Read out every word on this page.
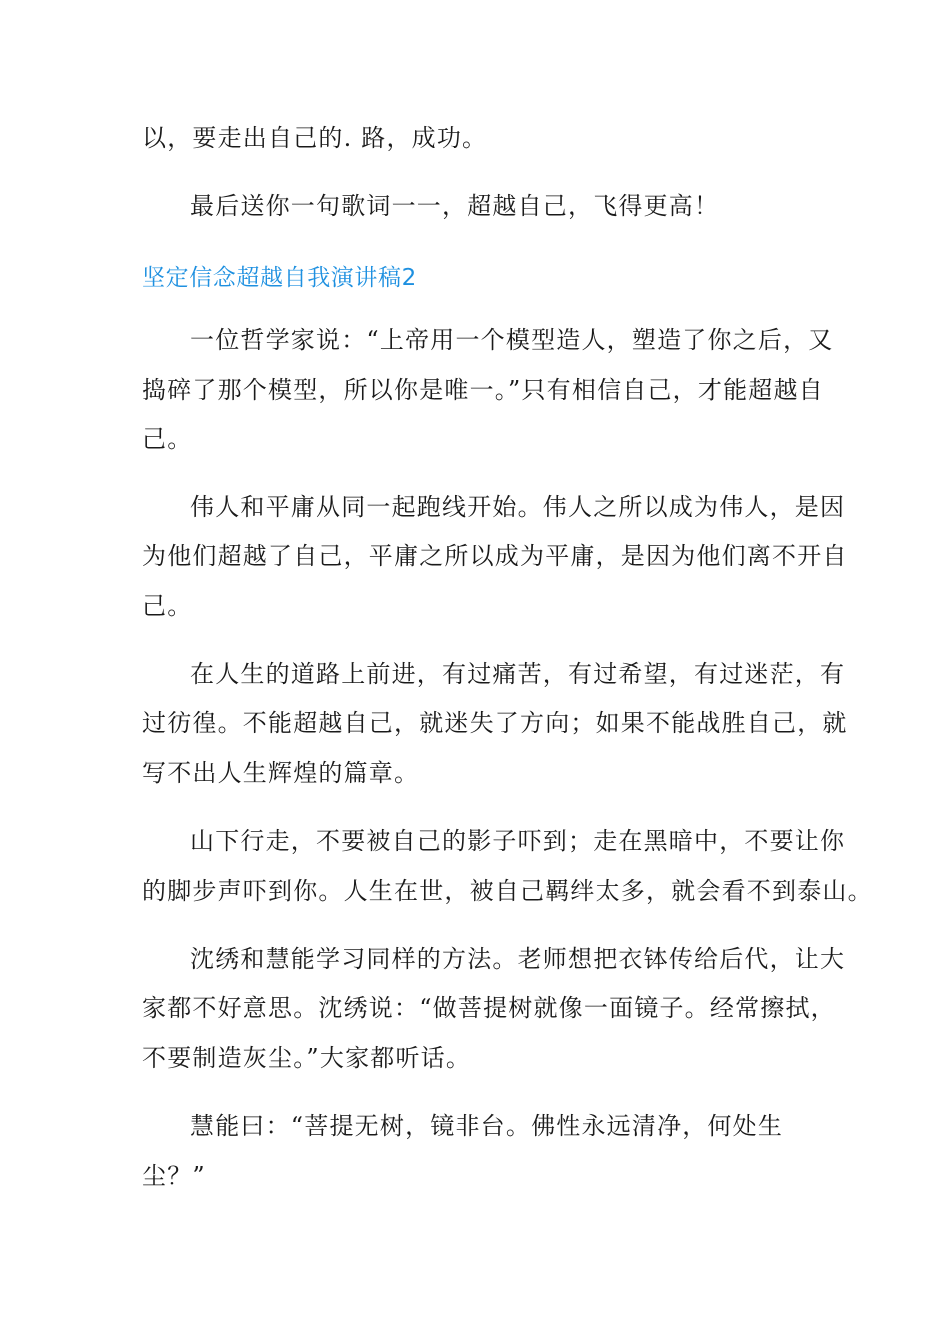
以，要走出自己的. 路，成功。
最后送你一句歌词一一，超越自己，飞得更高！
坚定信念超越自我演讲稿2
一位哲学家说：“上帝用一个模型造人，塑造了你之后，又
捣碎了那个模型，所以你是唯一。”只有相信自己，才能超越自
己。
伟人和平庸从同一起跑线开始。伟人之所以成为伟人，是因
为他们超越了自己，平庸之所以成为平庸，是因为他们离不开自
己。
在人生的道路上前进，有过痛苦，有过希望，有过迷茫，有
过彷徨。不能超越自己，就迷失了方向；如果不能战胜自己，就
写不出人生辉煌的篇章。
山下行走，不要被自己的影子吓到；走在黑暗中，不要让你
的脚步声吓到你。人生在世，被自己羁绊太多，就会看不到泰山。
沈绣和慧能学习同样的方法。老师想把衣钵传给后代，让大
家都不好意思。沈绣说：“做菩提树就像一面镜子。经常擦拭，
不要制造灰尘。”大家都听话。
慧能曰：“菩提无树，镜非台。佛性永远清净，何处生
尘？”
